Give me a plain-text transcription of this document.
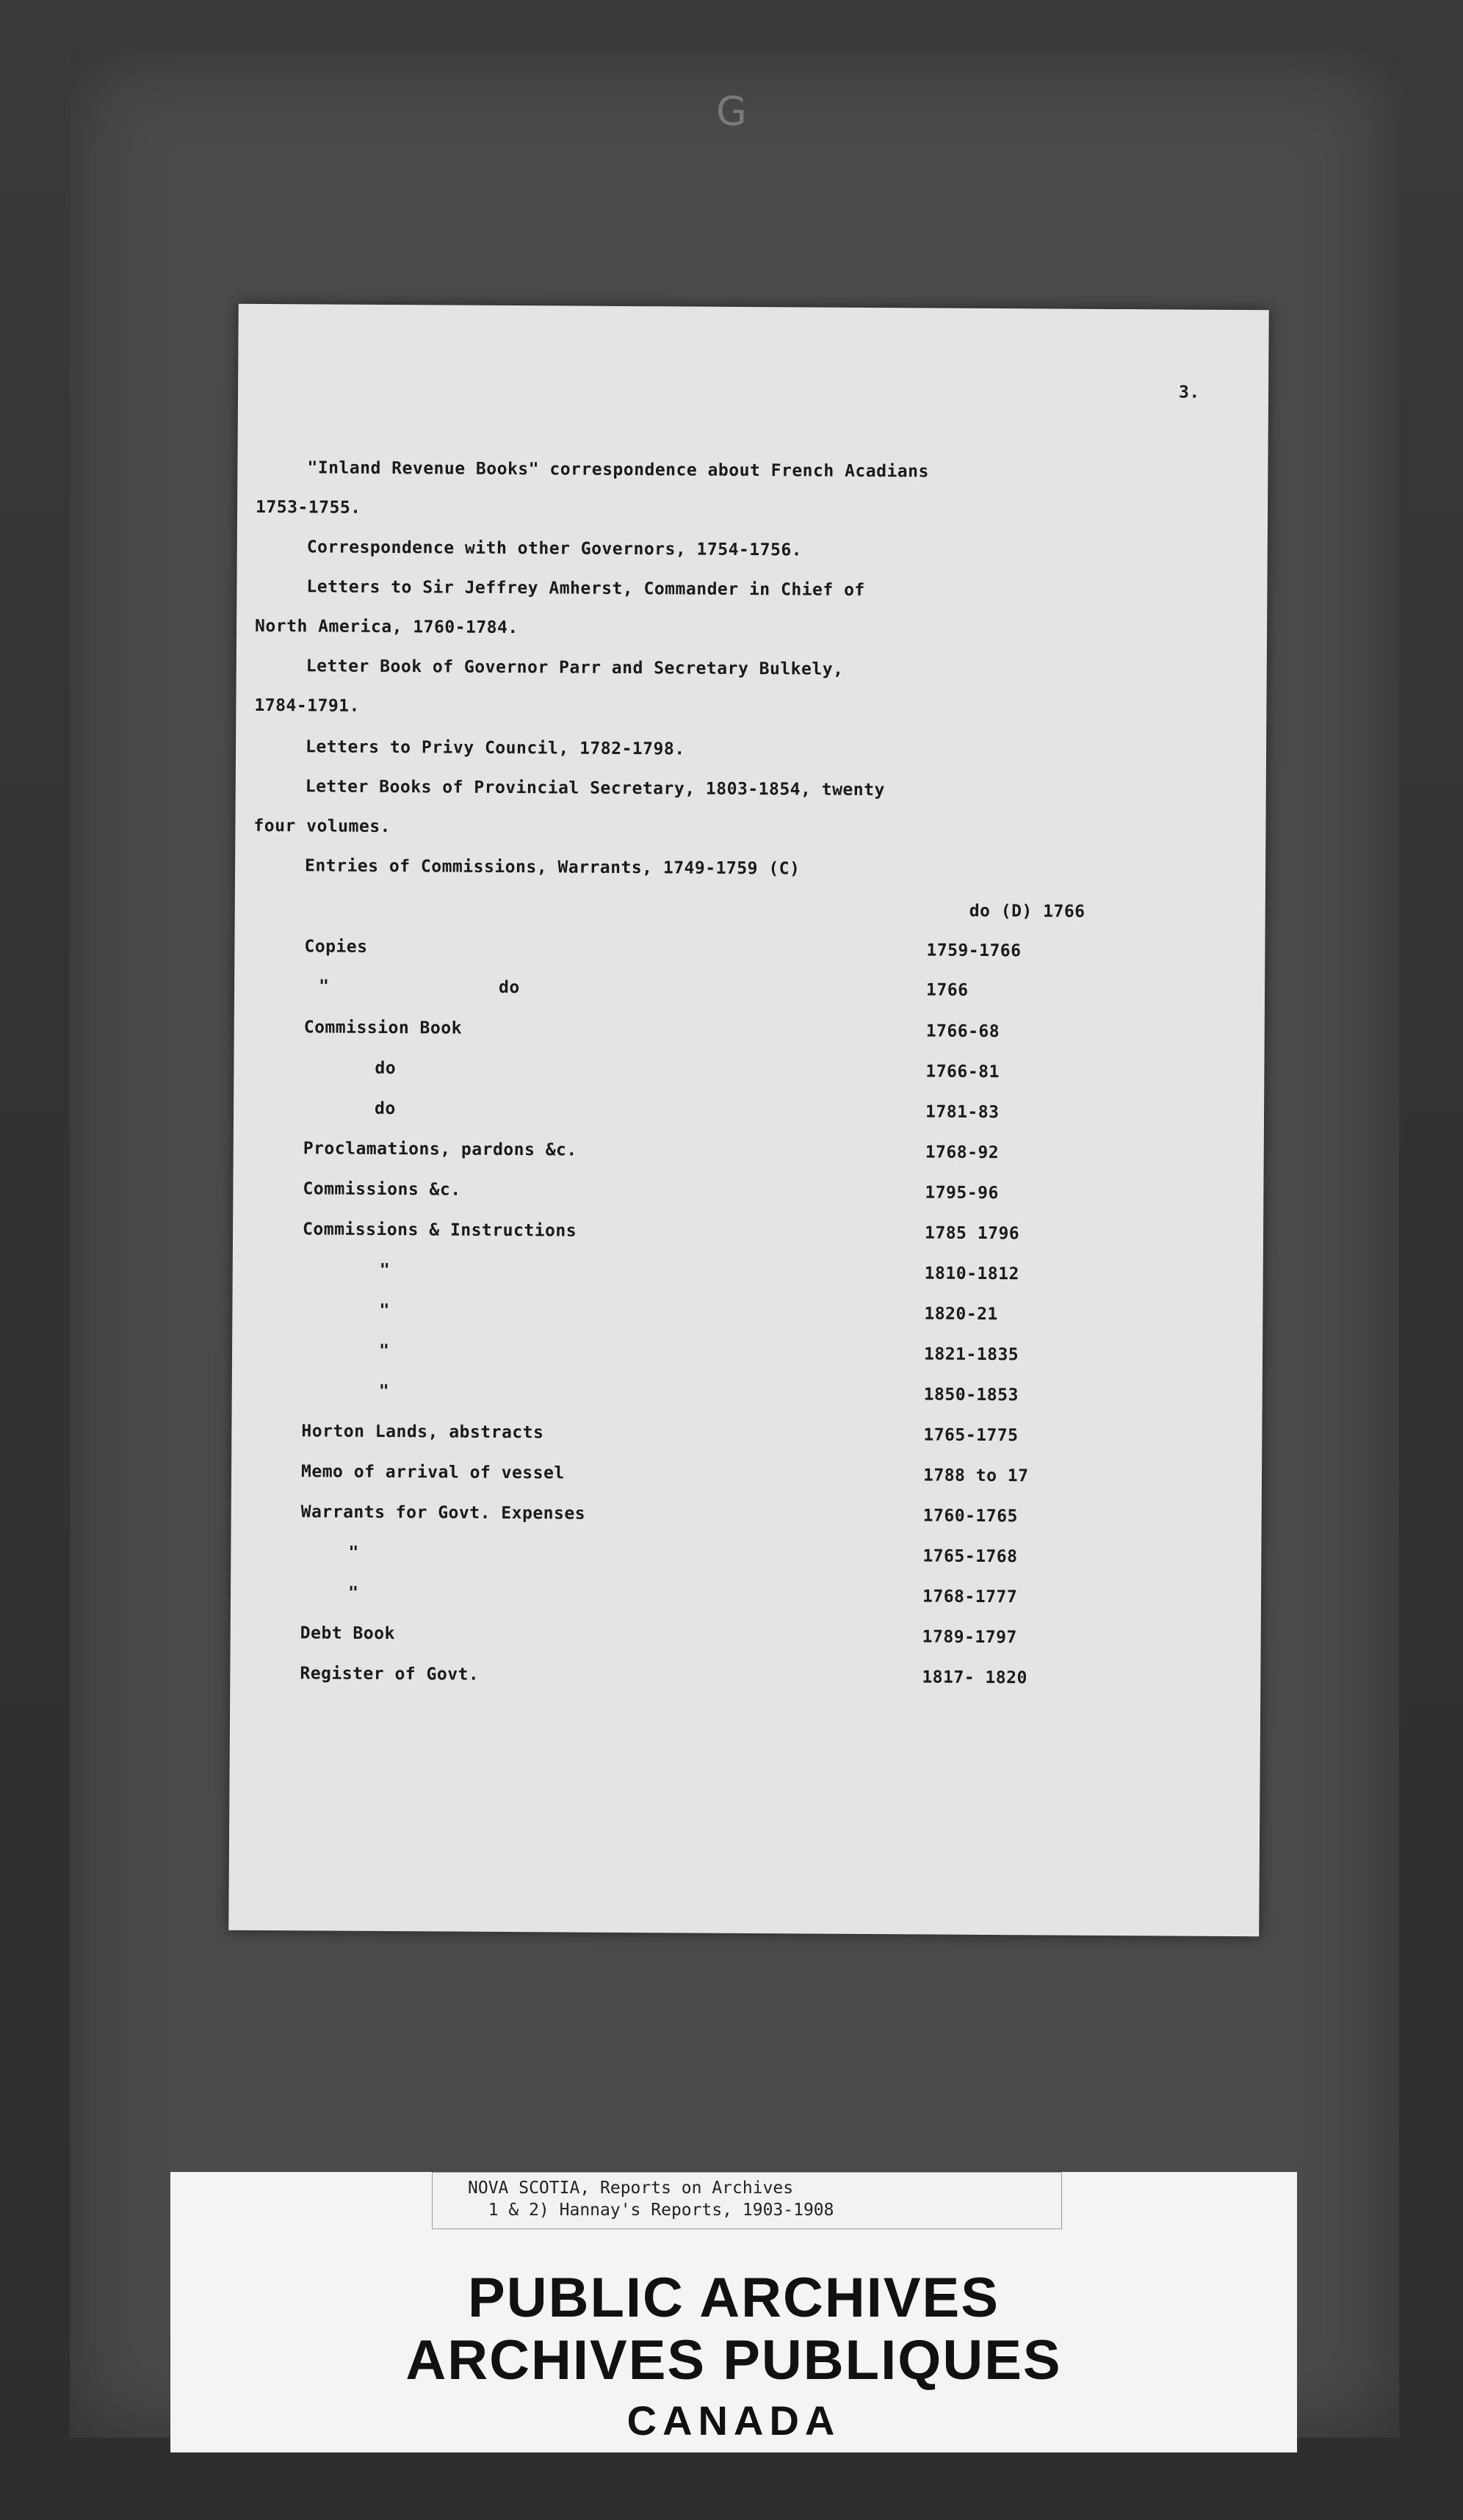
G
3.
"Inland Revenue Books" correspondence about French Acadians
1753-1755.
Correspondence with other Governors, 1754-1756.
Letters to Sir Jeffrey Amherst, Commander in Chief of
North America, 1760-1784.
Letter Book of Governor Parr and Secretary Bulkely,
1784-1791.
Letters to Privy Council, 1782-1798.
Letter Books of Provincial Secretary, 1803-1854, twenty
four volumes.
Entries of Commissions, Warrants, 1749-1759 (C)
do (D) 1766
Copies	1759-1766
"	do	1766
Commission Book	1766-68
do	1766-81
do	1781-83
Proclamations, pardons &c.	1768-92
Commissions &c.	1795-96
Commissions & Instructions	1785 1796
"	1810-1812
"	1820-21
"	1821-1835
"	1850-1853
Horton Lands, abstracts	1765-1775
Memo of arrival of vessel	1788 to 17
Warrants for Govt. Expenses	1760-1765
"	1765-1768
"	1768-1777
Debt Book	1789-1797
Register of Govt.	1817- 1820
PUBLIC ARCHIVES
ARCHIVES PUBLIQUES
CANADA
NOVA SCOTIA, Reports on Archives
1 & 2) Hannay's Reports, 1903-1908
